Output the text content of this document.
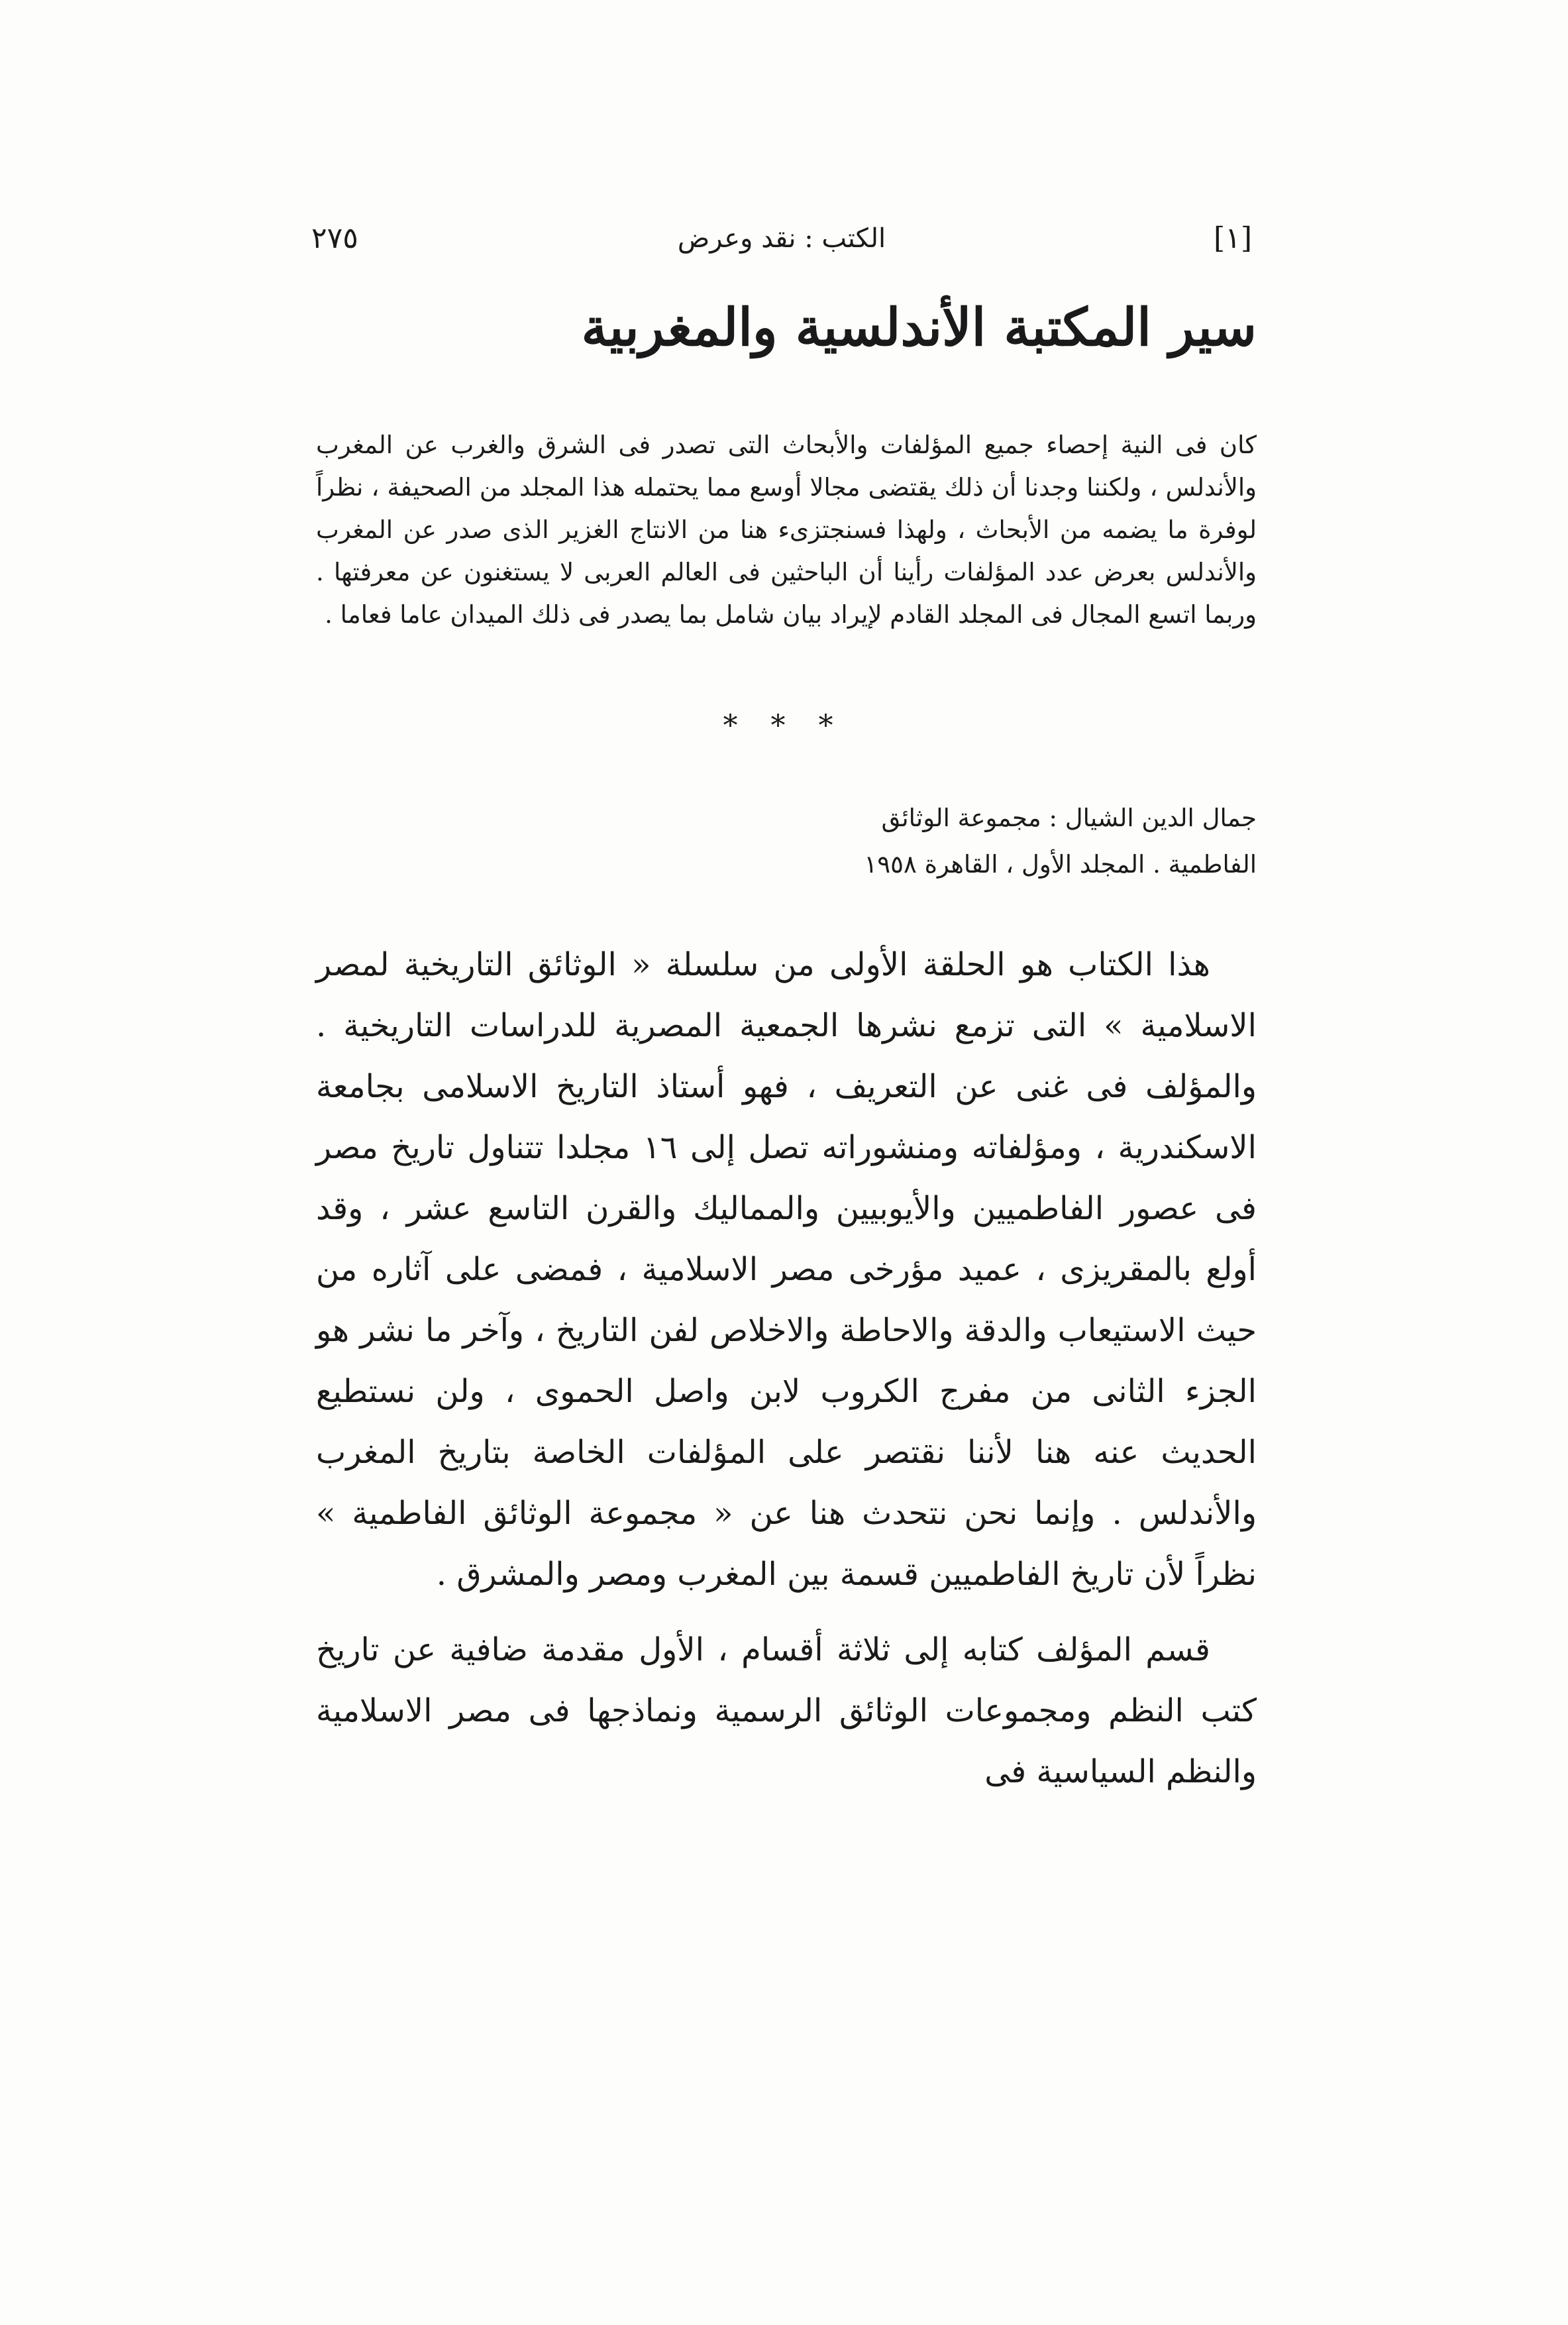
٢٧٥	الكتب : نقد وعرض	[١]
سير المكتبة الأندلسية والمغربية

كان فى النية إحصاء جميع المؤلفات والأبحاث التى تصدر فى الشرق والغرب عن المغرب والأندلس ، ولكننا وجدنا أن ذلك يقتضى مجالا أوسع مما يحتمله هذا المجلد من الصحيفة ، نظراً لوفرة ما يضمه من الأبحاث ، ولهذا فسنجتزىء هنا من الانتاج الغزير الذى صدر عن المغرب والأندلس بعرض عدد المؤلفات رأينا أن الباحثين فى العالم العربى لا يستغنون عن معرفتها . وربما اتسع المجال فى المجلد القادم لإيراد بيان شامل بما يصدر فى ذلك الميدان عاما فعاما .

* * *
جمال الدين الشيال : مجموعة الوثائق
الفاطمية . المجلد الأول ، القاهرة ١٩٥٨

هذا الكتاب هو الحلقة الأولى من سلسلة « الوثائق التاريخية لمصر الاسلامية » التى تزمع نشرها الجمعية المصرية للدراسات التاريخية . والمؤلف فى غنى عن التعريف ، فهو أستاذ التاريخ الاسلامى بجامعة الاسكندرية ، ومؤلفاته ومنشوراته تصل إلى ١٦ مجلدا تتناول تاريخ مصر فى عصور الفاطميين والأيوبيين والمماليك والقرن التاسع عشر ، وقد أولع بالمقريزى ، عميد مؤرخى مصر الاسلامية ، فمضى على آثاره من حيث الاستيعاب والدقة والاحاطة والاخلاص لفن التاريخ ، وآخر ما نشر هو الجزء الثانى من مفرج الكروب لابن واصل الحموى ، ولن نستطيع الحديث عنه هنا لأننا نقتصر على المؤلفات الخاصة بتاريخ المغرب والأندلس . وإنما نحن نتحدث هنا عن « مجموعة الوثائق الفاطمية » نظراً لأن تاريخ الفاطميين قسمة بين المغرب ومصر والمشرق .

قسم المؤلف كتابه إلى ثلاثة أقسام ، الأول مقدمة ضافية عن تاريخ كتب النظم ومجموعات الوثائق الرسمية ونماذجها فى مصر الاسلامية والنظم السياسية فى
